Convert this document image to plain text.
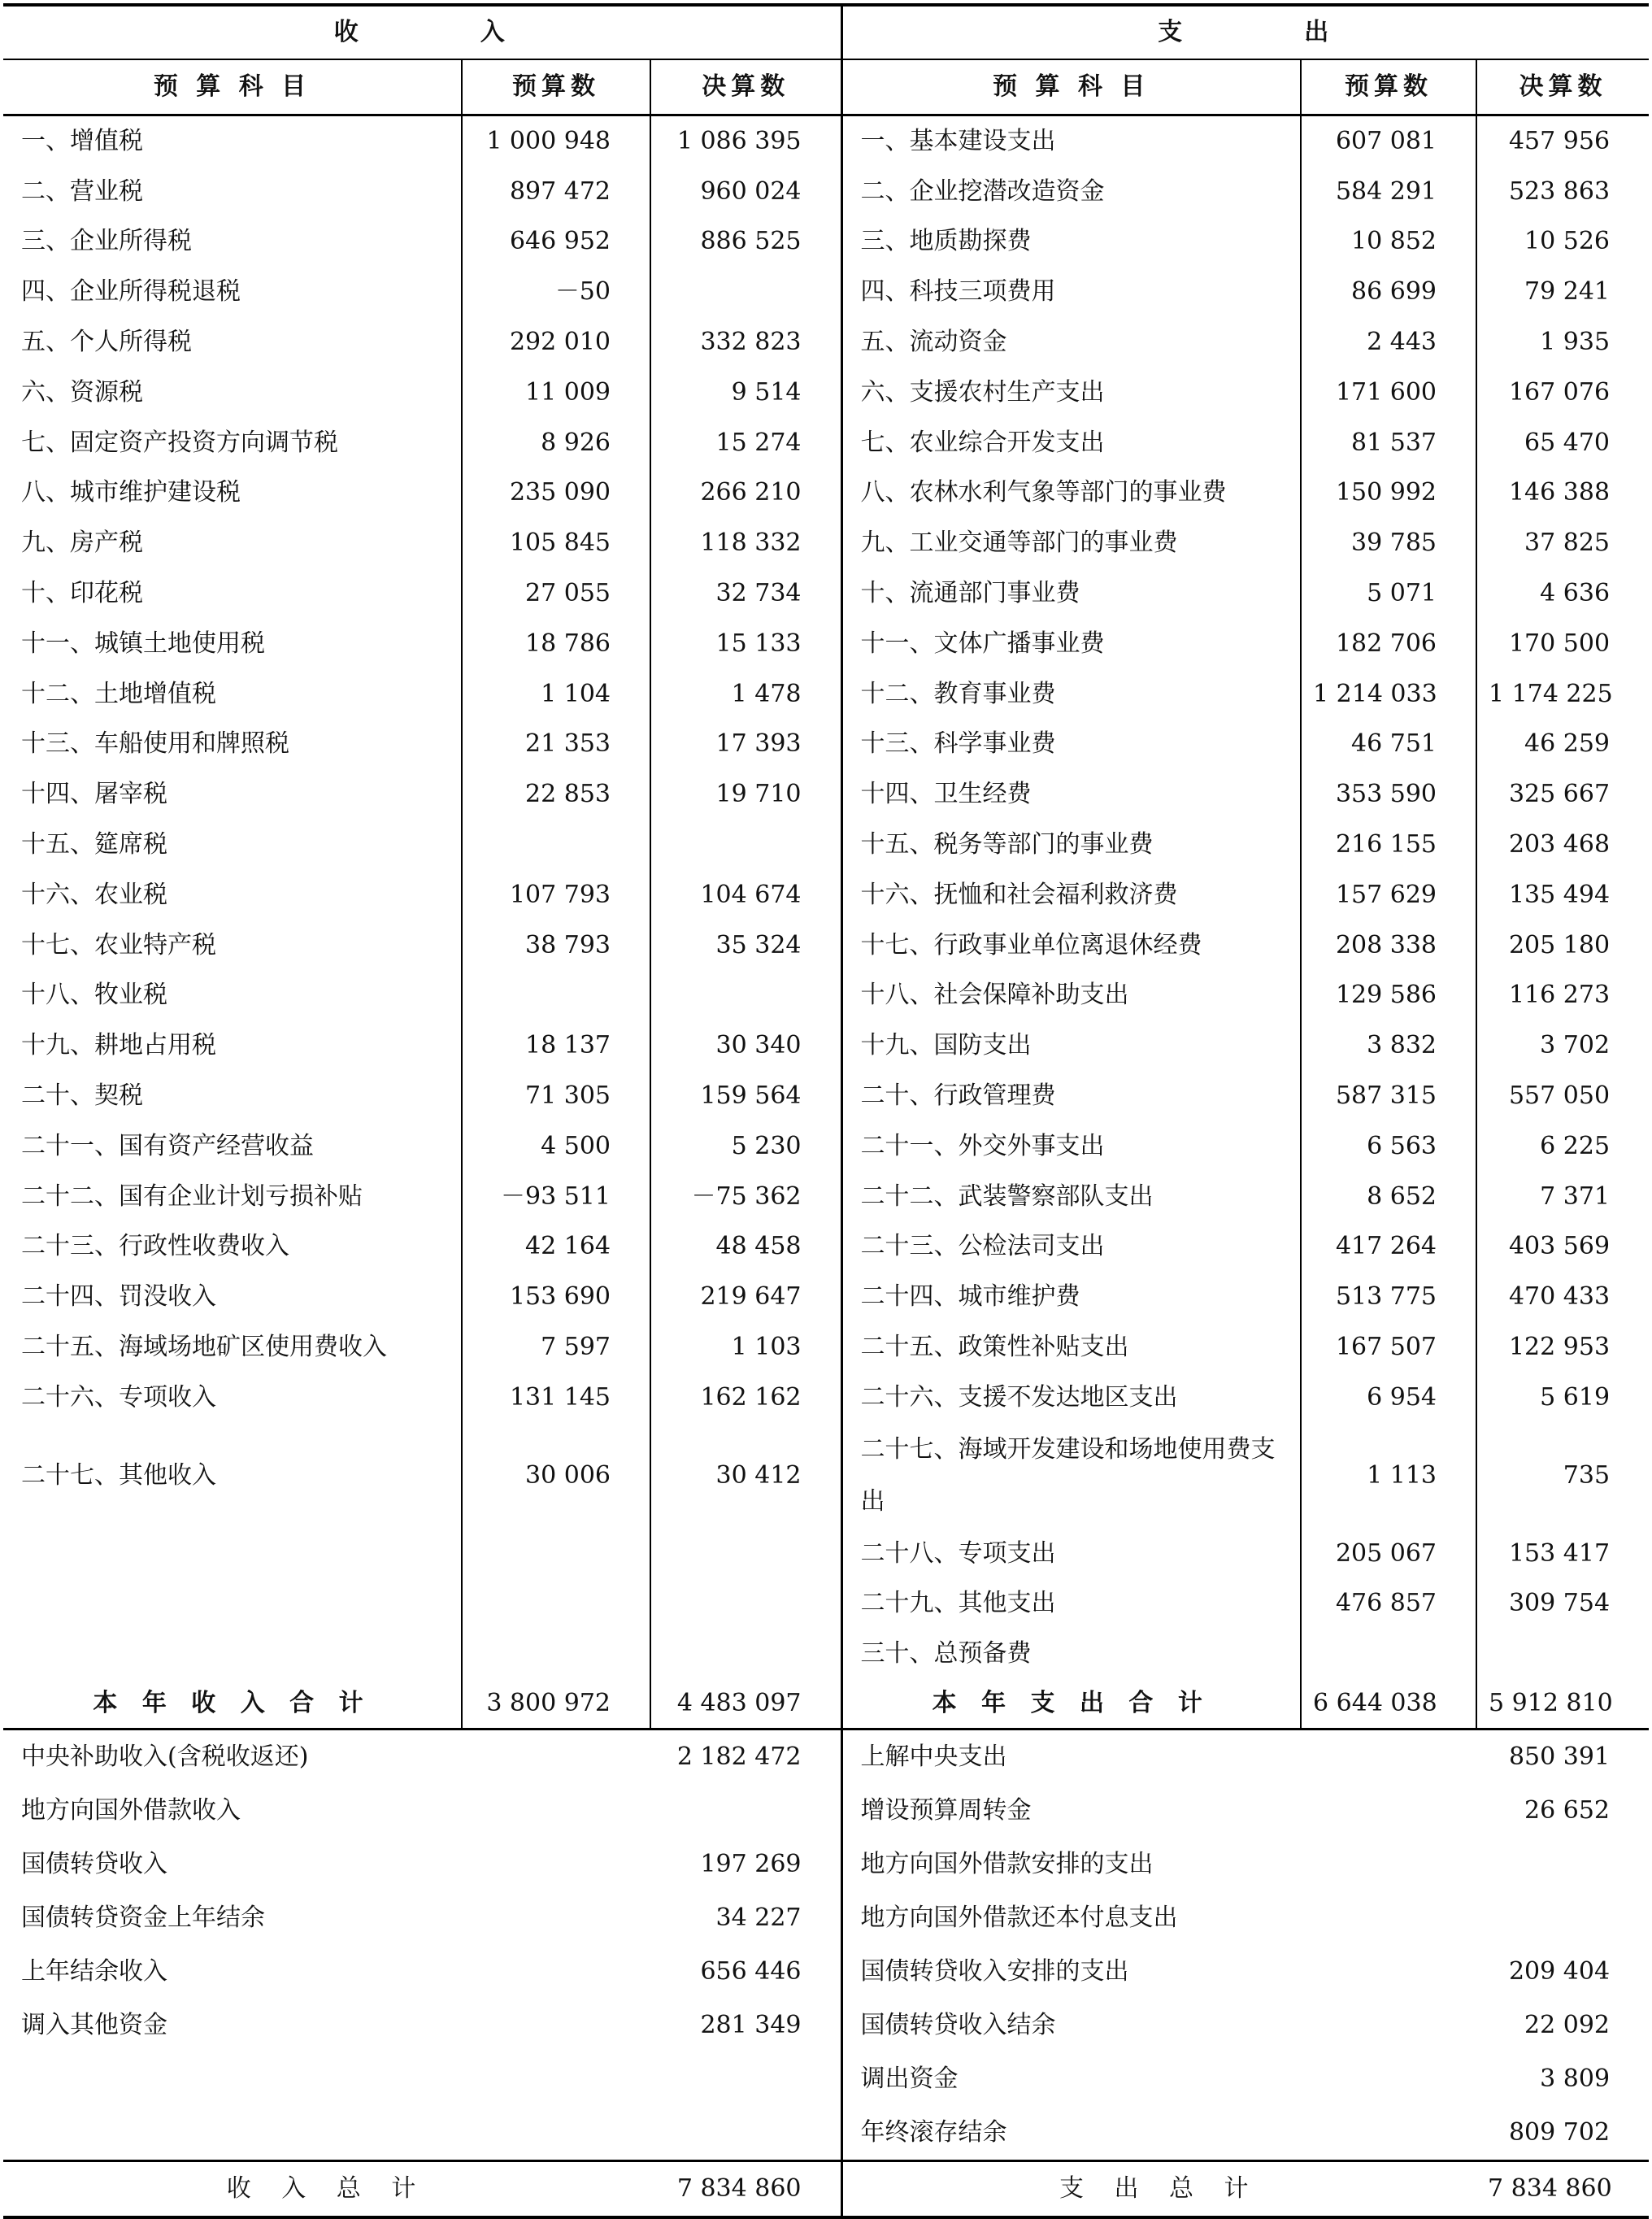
收　　　　入			支　　　　出		
预 算 科 目	预算数	决算数	预 算 科 目	预算数	决算数
一、增值税	1 000 948	1 086 395	一、基本建设支出	607 081	457 956
二、营业税	897 472	960 024	二、企业挖潜改造资金	584 291	523 863
三、企业所得税	646 952	886 525	三、地质勘探费	10 852	10 526
四、企业所得税退税	－50		四、科技三项费用	86 699	79 241
五、个人所得税	292 010	332 823	五、流动资金	2 443	1 935
六、资源税	11 009	9 514	六、支援农村生产支出	171 600	167 076
七、固定资产投资方向调节税	8 926	15 274	七、农业综合开发支出	81 537	65 470
八、城市维护建设税	235 090	266 210	八、农林水利气象等部门的事业费	150 992	146 388
九、房产税	105 845	118 332	九、工业交通等部门的事业费	39 785	37 825
十、印花税	27 055	32 734	十、流通部门事业费	5 071	4 636
十一、城镇土地使用税	18 786	15 133	十一、文体广播事业费	182 706	170 500
十二、土地增值税	1 104	1 478	十二、教育事业费	1 214 033	1 174 225
十三、车船使用和牌照税	21 353	17 393	十三、科学事业费	46 751	46 259
十四、屠宰税	22 853	19 710	十四、卫生经费	353 590	325 667
十五、筵席税			十五、税务等部门的事业费	216 155	203 468
十六、农业税	107 793	104 674	十六、抚恤和社会福利救济费	157 629	135 494
十七、农业特产税	38 793	35 324	十七、行政事业单位离退休经费	208 338	205 180
十八、牧业税			十八、社会保障补助支出	129 586	116 273
十九、耕地占用税	18 137	30 340	十九、国防支出	3 832	3 702
二十、契税	71 305	159 564	二十、行政管理费	587 315	557 050
二十一、国有资产经营收益	4 500	5 230	二十一、外交外事支出	6 563	6 225
二十二、国有企业计划亏损补贴	－93 511	－75 362	二十二、武装警察部队支出	8 652	7 371
二十三、行政性收费收入	42 164	48 458	二十三、公检法司支出	417 264	403 569
二十四、罚没收入	153 690	219 647	二十四、城市维护费	513 775	470 433
二十五、海域场地矿区使用费收入	7 597	1 103	二十五、政策性补贴支出	167 507	122 953
二十六、专项收入	131 145	162 162	二十六、支援不发达地区支出	6 954	5 619
二十七、其他收入	30 006	30 412	二十七、海域开发建设和场地使用费支出	1 113	735
			二十八、专项支出	205 067	153 417
			二十九、其他支出	476 857	309 754
			三十、总预备费		
本 年 收 入 合 计	3 800 972	4 483 097	本 年 支 出 合 计	6 644 038	5 912 810
中央补助收入(含税收返还)		2 182 472	上解中央支出		850 391
地方向国外借款收入			增设预算周转金		26 652
国债转贷收入		197 269	地方向国外借款安排的支出		
国债转贷资金上年结余		34 227	地方向国外借款还本付息支出		
上年结余收入		656 446	国债转贷收入安排的支出		209 404
调入其他资金		281 349	国债转贷收入结余		22 092
			调出资金		3 809
			年终滚存结余		809 702
收 入 总 计		7 834 860	支 出 总 计		7 834 860
